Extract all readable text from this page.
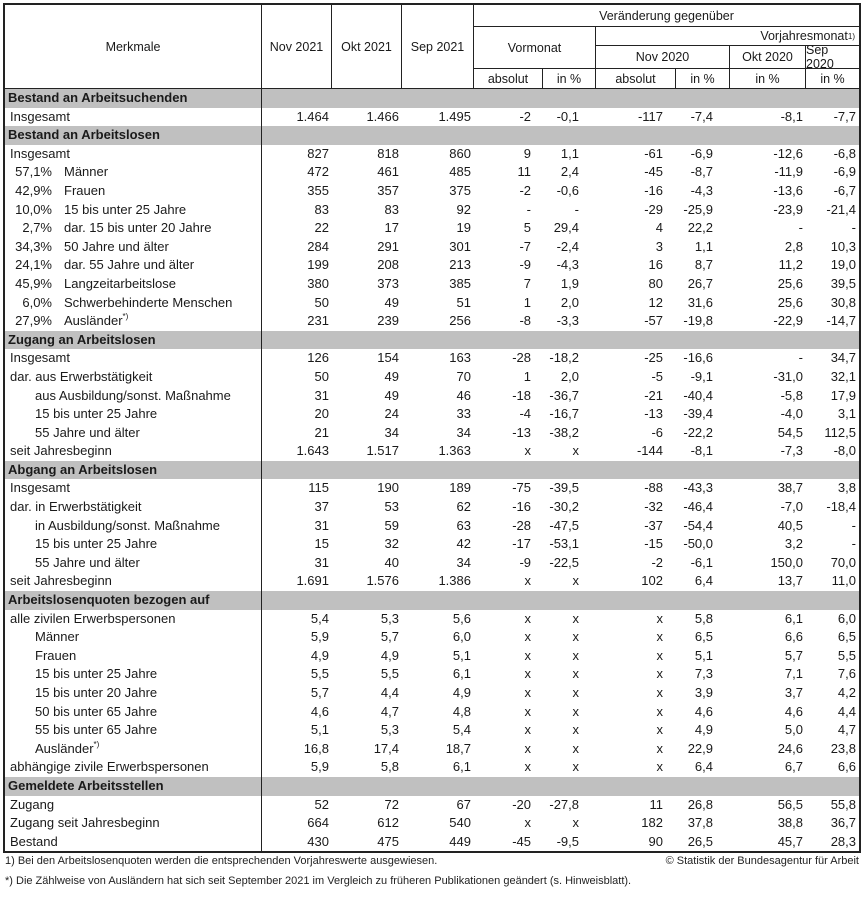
Merkmale	Nov 2021	Okt 2021	Sep 2021
Veränderung gegenüber
Vormonat
Vorjahresmonat$^{1)}$
Nov 2020	Okt 2020	Sep 2020
absolut	in %	absolut	in %	in %	in %
Bestand an Arbeitsuchenden
Insgesamt	1.464	1.466	1.495	-2	-0,1	-117	-7,4	-8,1	-7,7
Bestand an Arbeitslosen
Insgesamt	827	818	860	9	1,1	-61	-6,9	-12,6	-6,8
57,1% Männer	472	461	485	11	2,4	-45	-8,7	-11,9	-6,9
42,9% Frauen	355	357	375	-2	-0,6	-16	-4,3	-13,6	-6,7
10,0% 15 bis unter 25 Jahre	83	83	92	-	-	-29	-25,9	-23,9	-21,4
2,7% dar. 15 bis unter 20 Jahre	22	17	19	5	29,4	4	22,2	-	-
34,3% 50 Jahre und älter	284	291	301	-7	-2,4	3	1,1	2,8	10,3
24,1% dar. 55 Jahre und älter	199	208	213	-9	-4,3	16	8,7	11,2	19,0
45,9% Langzeitarbeitslose	380	373	385	7	1,9	80	26,7	25,6	39,5
6,0% Schwerbehinderte Menschen	50	49	51	1	2,0	12	31,6	25,6	30,8
27,9% Ausländer*)	231	239	256	-8	-3,3	-57	-19,8	-22,9	-14,7
Zugang an Arbeitslosen
Insgesamt	126	154	163	-28	-18,2	-25	-16,6	-	34,7
dar. aus Erwerbstätigkeit	50	49	70	1	2,0	-5	-9,1	-31,0	32,1
aus Ausbildung/sonst. Maßnahme	31	49	46	-18	-36,7	-21	-40,4	-5,8	17,9
15 bis unter 25 Jahre	20	24	33	-4	-16,7	-13	-39,4	-4,0	3,1
55 Jahre und älter	21	34	34	-13	-38,2	-6	-22,2	54,5	112,5
seit Jahresbeginn	1.643	1.517	1.363	x	x	-144	-8,1	-7,3	-8,0
Abgang an Arbeitslosen
Insgesamt	115	190	189	-75	-39,5	-88	-43,3	38,7	3,8
dar. in Erwerbstätigkeit	37	53	62	-16	-30,2	-32	-46,4	-7,0	-18,4
in Ausbildung/sonst. Maßnahme	31	59	63	-28	-47,5	-37	-54,4	40,5	-
15 bis unter 25 Jahre	15	32	42	-17	-53,1	-15	-50,0	3,2	-
55 Jahre und älter	31	40	34	-9	-22,5	-2	-6,1	150,0	70,0
seit Jahresbeginn	1.691	1.576	1.386	x	x	102	6,4	13,7	11,0
Arbeitslosenquoten bezogen auf
alle zivilen Erwerbspersonen	5,4	5,3	5,6	x	x	x	5,8	6,1	6,0
Männer	5,9	5,7	6,0	x	x	x	6,5	6,6	6,5
Frauen	4,9	4,9	5,1	x	x	x	5,1	5,7	5,5
15 bis unter 25 Jahre	5,5	5,5	6,1	x	x	x	7,3	7,1	7,6
15 bis unter 20 Jahre	5,7	4,4	4,9	x	x	x	3,9	3,7	4,2
50 bis unter 65 Jahre	4,6	4,7	4,8	x	x	x	4,6	4,6	4,4
55 bis unter 65 Jahre	5,1	5,3	5,4	x	x	x	4,9	5,0	4,7
Ausländer*)	16,8	17,4	18,7	x	x	x	22,9	24,6	23,8
abhängige zivile Erwerbspersonen	5,9	5,8	6,1	x	x	x	6,4	6,7	6,6
Gemeldete Arbeitsstellen
Zugang	52	72	67	-20	-27,8	11	26,8	56,5	55,8
Zugang seit Jahresbeginn	664	612	540	x	x	182	37,8	38,8	36,7
Bestand	430	475	449	-45	-9,5	90	26,5	45,7	28,3
1) Bei den Arbeitslosenquoten werden die entsprechenden Vorjahreswerte ausgewiesen.	© Statistik der Bundesagentur für Arbeit
*) Die Zählweise von Ausländern hat sich seit September 2021 im Vergleich zu früheren Publikationen geändert (s. Hinweisblatt).
